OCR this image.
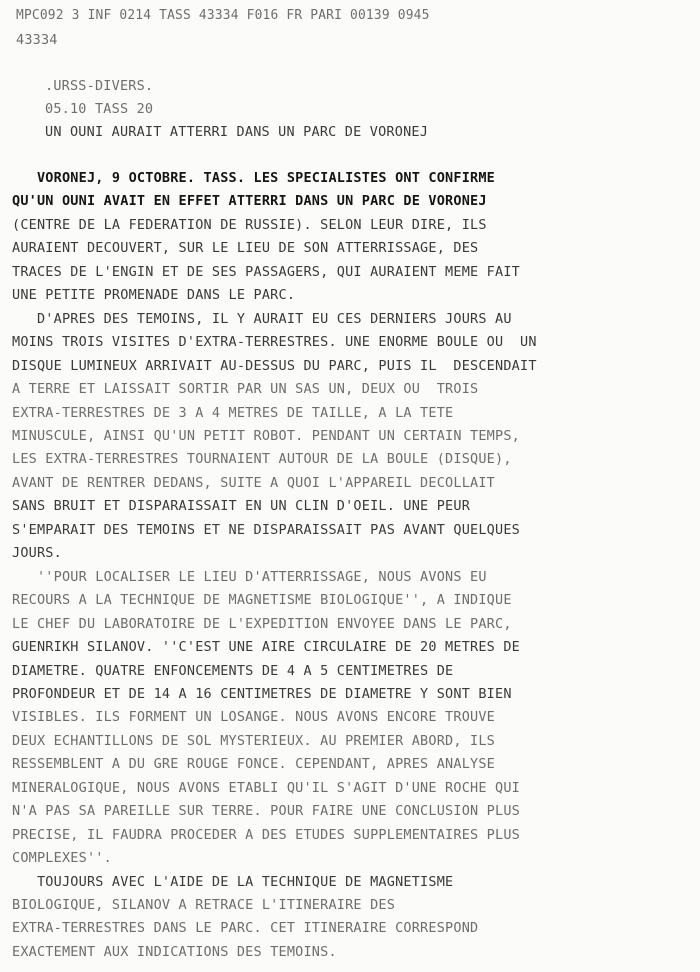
MPC092 3 INF 0214 TASS 43334 F016 FR PARI 00139 0945
43334
.URSS-DIVERS.
05.10 TASS 20
UN OUNI AURAIT ATTERRI DANS UN PARC DE VORONEJ
VORONEJ, 9 OCTOBRE. TASS. LES SPECIALISTES ONT CONFIRME
QU'UN OUNI AVAIT EN EFFET ATTERRI DANS UN PARC DE VORONEJ
(CENTRE DE LA FEDERATION DE RUSSIE). SELON LEUR DIRE, ILS
AURAIENT DECOUVERT, SUR LE LIEU DE SON ATTERRISSAGE, DES
TRACES DE L'ENGIN ET DE SES PASSAGERS, QUI AURAIENT MEME FAIT
UNE PETITE PROMENADE DANS LE PARC.
D'APRES DES TEMOINS, IL Y AURAIT EU CES DERNIERS JOURS AU
MOINS TROIS VISITES D'EXTRA-TERRESTRES. UNE ENORME BOULE OU  UN
DISQUE LUMINEUX ARRIVAIT AU-DESSUS DU PARC, PUIS IL  DESCENDAIT
A TERRE ET LAISSAIT SORTIR PAR UN SAS UN, DEUX OU  TROIS
EXTRA-TERRESTRES DE 3 A 4 METRES DE TAILLE, A LA TETE
MINUSCULE, AINSI QU'UN PETIT ROBOT. PENDANT UN CERTAIN TEMPS,
LES EXTRA-TERRESTRES TOURNAIENT AUTOUR DE LA BOULE (DISQUE),
AVANT DE RENTRER DEDANS, SUITE A QUOI L'APPAREIL DECOLLAIT
SANS BRUIT ET DISPARAISSAIT EN UN CLIN D'OEIL. UNE PEUR
S'EMPARAIT DES TEMOINS ET NE DISPARAISSAIT PAS AVANT QUELQUES
JOURS.
''POUR LOCALISER LE LIEU D'ATTERRISSAGE, NOUS AVONS EU
RECOURS A LA TECHNIQUE DE MAGNETISME BIOLOGIQUE'', A INDIQUE
LE CHEF DU LABORATOIRE DE L'EXPEDITION ENVOYEE DANS LE PARC,
GUENRIKH SILANOV. ''C'EST UNE AIRE CIRCULAIRE DE 20 METRES DE
DIAMETRE. QUATRE ENFONCEMENTS DE 4 A 5 CENTIMETRES DE
PROFONDEUR ET DE 14 A 16 CENTIMETRES DE DIAMETRE Y SONT BIEN
VISIBLES. ILS FORMENT UN LOSANGE. NOUS AVONS ENCORE TROUVE
DEUX ECHANTILLONS DE SOL MYSTERIEUX. AU PREMIER ABORD, ILS
RESSEMBLENT A DU GRE ROUGE FONCE. CEPENDANT, APRES ANALYSE
MINERALOGIQUE, NOUS AVONS ETABLI QU'IL S'AGIT D'UNE ROCHE QUI
N'A PAS SA PAREILLE SUR TERRE. POUR FAIRE UNE CONCLUSION PLUS
PRECISE, IL FAUDRA PROCEDER A DES ETUDES SUPPLEMENTAIRES PLUS
COMPLEXES''.
TOUJOURS AVEC L'AIDE DE LA TECHNIQUE DE MAGNETISME
BIOLOGIQUE, SILANOV A RETRACE L'ITINERAIRE DES
EXTRA-TERRESTRES DANS LE PARC. CET ITINERAIRE CORRESPOND
EXACTEMENT AUX INDICATIONS DES TEMOINS.
